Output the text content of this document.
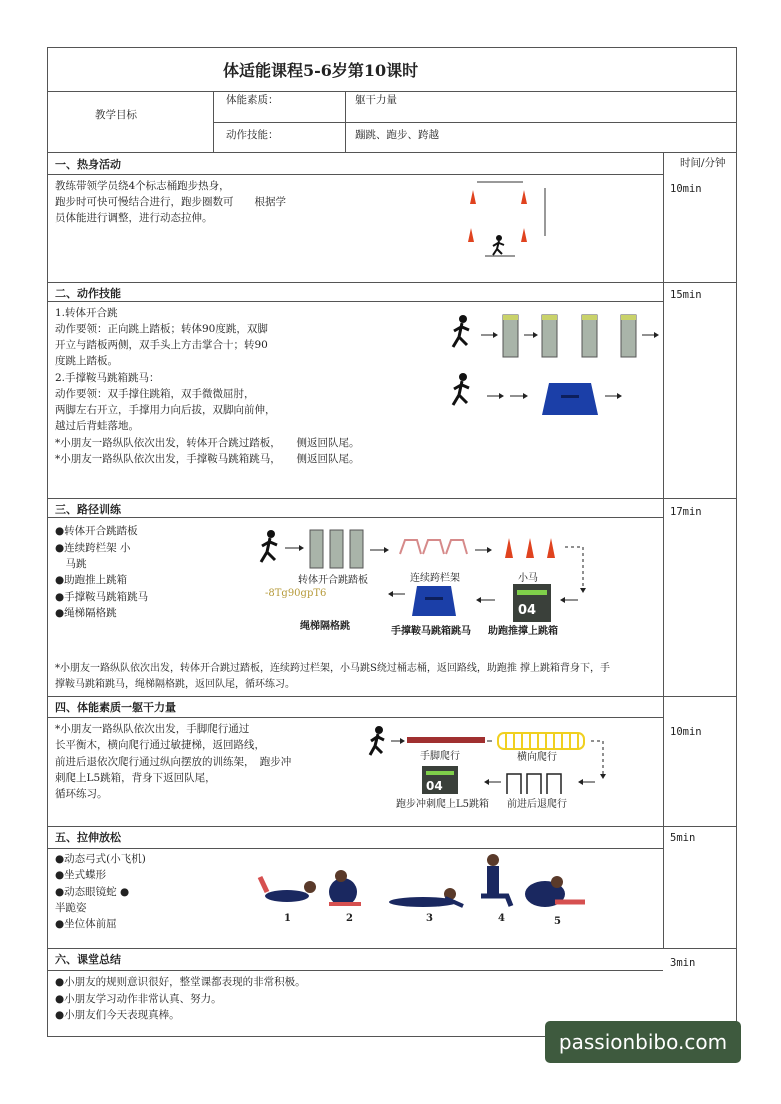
体适能课程5-6岁第10课时
教学目标
体能素质：	躯干力量
动作技能：	蹦跳、跑步、跨越
时间/分钟
一、热身活动
10min
教练带领学员绕4个标志桶跑步热身，
跑步时可快可慢结合进行，跑步圈数可　　根据学
员体能进行调整，进行动态拉伸。
二、动作技能	15min
1.转体开合跳
动作要领：正向跳上踏板；转体90度跳，双脚
开立与踏板两侧，双手头上方击掌合十；转90
度跳上踏板。
2.手撑鞍马跳箱跳马：
动作要领：双手撑住跳箱，双手微微屈肘，
两脚左右开立，手撑用力向后拔，双脚向前伸，
越过后背蛙落地。
*小朋友一路纵队依次出发，转体开合跳过踏板，　　侧返回队尾。
*小朋友一路纵队依次出发，手撑鞍马跳箱跳马，　　侧返回队尾。
三、路径训练	17min
●转体开合跳踏板
●连续跨栏架 小
　马跳
●助跑推上跳箱
●手撑鞍马跳箱跳马
●绳梯隔格跳
转体开合跳踏板	连续跨栏架	小马
-8Tg90gpT6
04
绳梯隔格跳	手撑鞍马跳箱跳马 助跑推撑上跳箱
*小朋友一路纵队依次出发，转体开合跳过踏板，连续跨过栏架，小马跳S绕过桶志桶，返回路线，助跑推 撑上跳箱背身下，手
撑鞍马跳箱跳马，绳梯隔格跳，返回队尾，循环练习。
四、体能素质一躯干力量
10min
*小朋友一路纵队依次出发，手脚爬行通过
长平衡木，横向爬行通过敏捷梯，返回路线，
前进后退依次爬行通过纵向摆放的训练架，　跑步冲
刺爬上L5跳箱，背身下返回队尾，
循环练习。
手脚爬行	横向爬行
04
跑步冲刺爬上L5跳箱 前进后退爬行
五、拉伸放松	5min
●动态弓式(小飞机)
●坐式蝶形
●动态眼镜蛇 ●
半跪姿
●坐位体前屈	1	2	3	4	5
六、课堂总结	3min
●小朋友的规则意识很好，整堂课都表现的非常积极。
●小朋友学习动作非常认真、努力。
●小朋友们今天表现真棒。
passionbibo.com
